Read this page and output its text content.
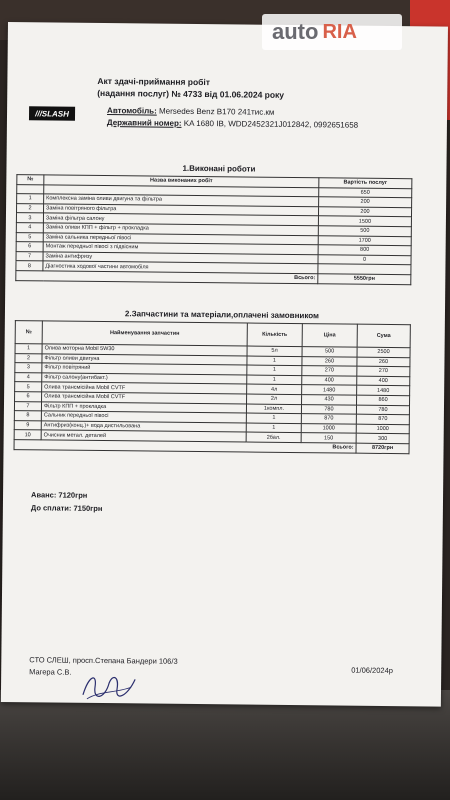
Акт здачі-приймання робіт
(надання послуг) № 4733 від 01.06.2024 року
///SLASH	Автомобіль: Mersedes Benz B170 241тис.км
Державний номер: KA 1680 IB, WDD2452321J012842, 0992651658
1.Виконані роботи
№	Назва виконаних робіт	Вартість послуг
		650
1	Комплексна заміна оливи двигуна та фільтра	200
2	Заміна повітряного фільтра	200
3	Заміна фільтра салону	1500
4	Заміна оливи КПП + фільтр + прокладка	500
5	Заміна сальника передньої півосі	1700
6	Монтаж передньої півосі з підвісним	800
7	Заміна антифризу	0
8	Діагностика ходової частини автомобіля	
Всього:		5550грн
2.Запчастини та матеріали,оплачені замовником
№	Найменування запчастин	Кількість	Ціна	Сума
1	Олива моторна Mobil 5W30	5л	500	2500
2	Фільтр оливи двигуна	1	260	260
3	Фільтр повітряний	1	270	270
4	Фільтр салону(антибакт.)	1	400	400
5	Олива трансмісійна Mobil CVTF	4л	1480	1480
6	Олива трансмісійна Mobil CVTF	2л	430	860
7	Фільтр КПП + прокладка	1компл.	780	780
8	Сальник передньої півосі	1	870	870
9	Антифриз(конц.)+ вода дистильована	1	1000	1000
10	Очисник метал. деталей	2бал.	150	300
Всього:				8720грн
Аванс: 7120грн
До сплати: 7150грн
СТО СЛЕШ, просп.Степана Бандери 106/3
Магера С.В.	01/06/2024р
auto RIA
